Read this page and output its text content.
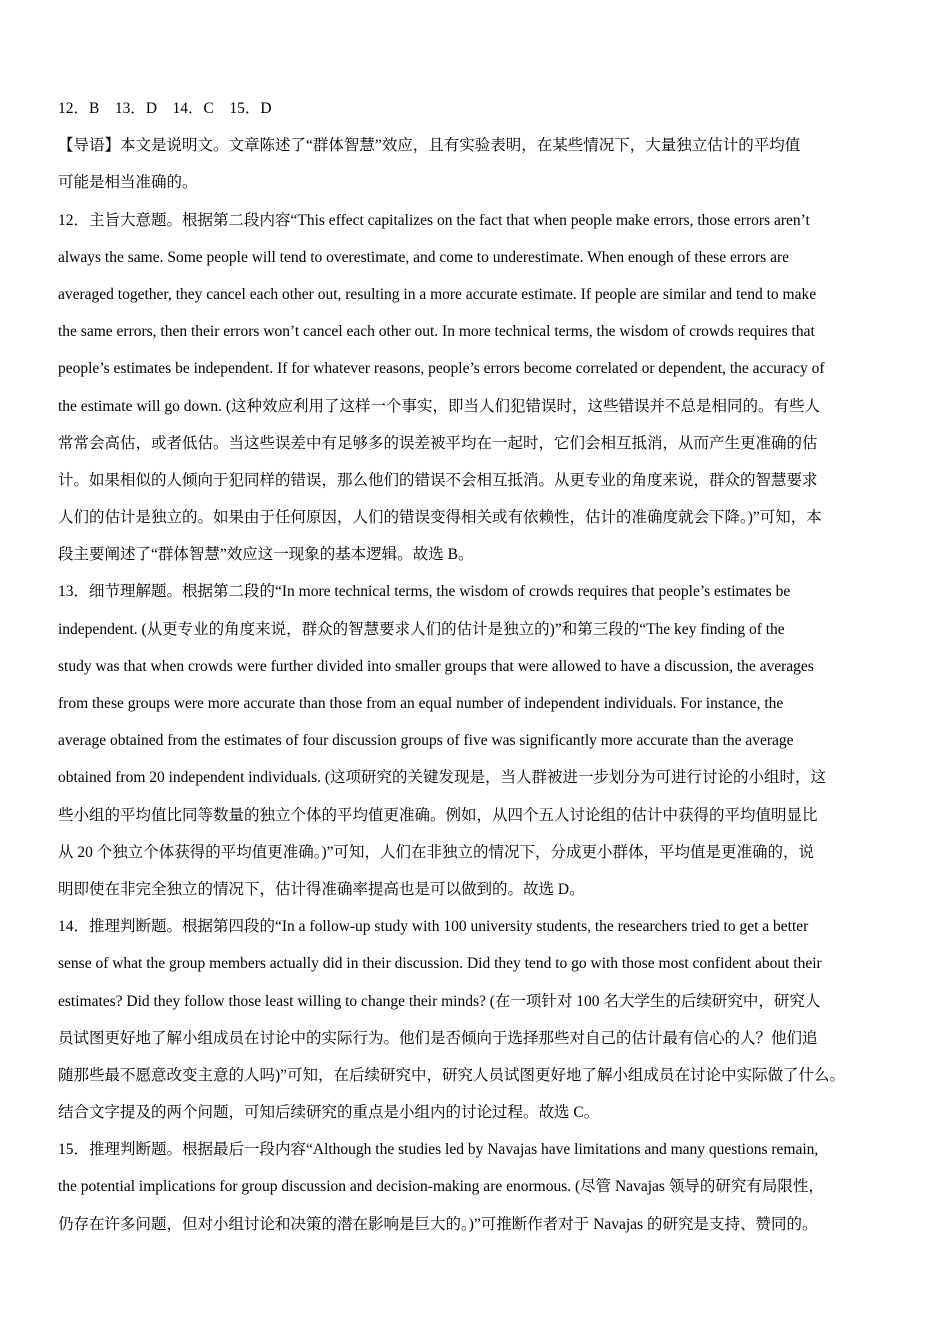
12．B　13．D　14．C　15．D
【导语】本文是说明文。文章陈述了“群体智慧”效应，且有实验表明，在某些情况下，大量独立估计的平均值
可能是相当准确的。
12．主旨大意题。根据第二段内容“This effect capitalizes on the fact that when people make errors, those errors aren’t
always the same. Some people will tend to overestimate, and come to underestimate. When enough of these errors are
averaged together, they cancel each other out, resulting in a more accurate estimate. If people are similar and tend to make
the same errors, then their errors won’t cancel each other out. In more technical terms, the wisdom of crowds requires that
people’s estimates be independent. If for whatever reasons, people’s errors become correlated or dependent, the accuracy of
the estimate will go down. (这种效应利用了这样一个事实，即当人们犯错误时，这些错误并不总是相同的。有些人
常常会高估，或者低估。当这些误差中有足够多的误差被平均在一起时，它们会相互抵消，从而产生更准确的估
计。如果相似的人倾向于犯同样的错误，那么他们的错误不会相互抵消。从更专业的角度来说，群众的智慧要求
人们的估计是独立的。如果由于任何原因，人们的错误变得相关或有依赖性，估计的准确度就会下降。)”可知，本
段主要阐述了“群体智慧”效应这一现象的基本逻辑。故选 B。
13．细节理解题。根据第二段的“In more technical terms, the wisdom of crowds requires that people’s estimates be
independent. (从更专业的角度来说，群众的智慧要求人们的估计是独立的)”和第三段的“The key finding of the
study was that when crowds were further divided into smaller groups that were allowed to have a discussion, the averages
from these groups were more accurate than those from an equal number of independent individuals. For instance, the
average obtained from the estimates of four discussion groups of five was significantly more accurate than the average
obtained from 20 independent individuals. (这项研究的关键发现是，当人群被进一步划分为可进行讨论的小组时，这
些小组的平均值比同等数量的独立个体的平均值更准确。例如，从四个五人讨论组的估计中获得的平均值明显比
从 20 个独立个体获得的平均值更准确。)”可知，人们在非独立的情况下，分成更小群体，平均值是更准确的，说
明即使在非完全独立的情况下，估计得准确率提高也是可以做到的。故选 D。
14．推理判断题。根据第四段的“In a follow-up study with 100 university students, the researchers tried to get a better
sense of what the group members actually did in their discussion. Did they tend to go with those most confident about their
estimates? Did they follow those least willing to change their minds? (在一项针对 100 名大学生的后续研究中，研究人
员试图更好地了解小组成员在讨论中的实际行为。他们是否倾向于选择那些对自己的估计最有信心的人？他们追
随那些最不愿意改变主意的人吗)”可知，在后续研究中，研究人员试图更好地了解小组成员在讨论中实际做了什么。
结合文字提及的两个问题，可知后续研究的重点是小组内的讨论过程。故选 C。
15．推理判断题。根据最后一段内容“Although the studies led by Navajas have limitations and many questions remain,
the potential implications for group discussion and decision-making are enormous. (尽管 Navajas 领导的研究有局限性，
仍存在许多问题，但对小组讨论和决策的潜在影响是巨大的。)”可推断作者对于 Navajas 的研究是支持、赞同的。
